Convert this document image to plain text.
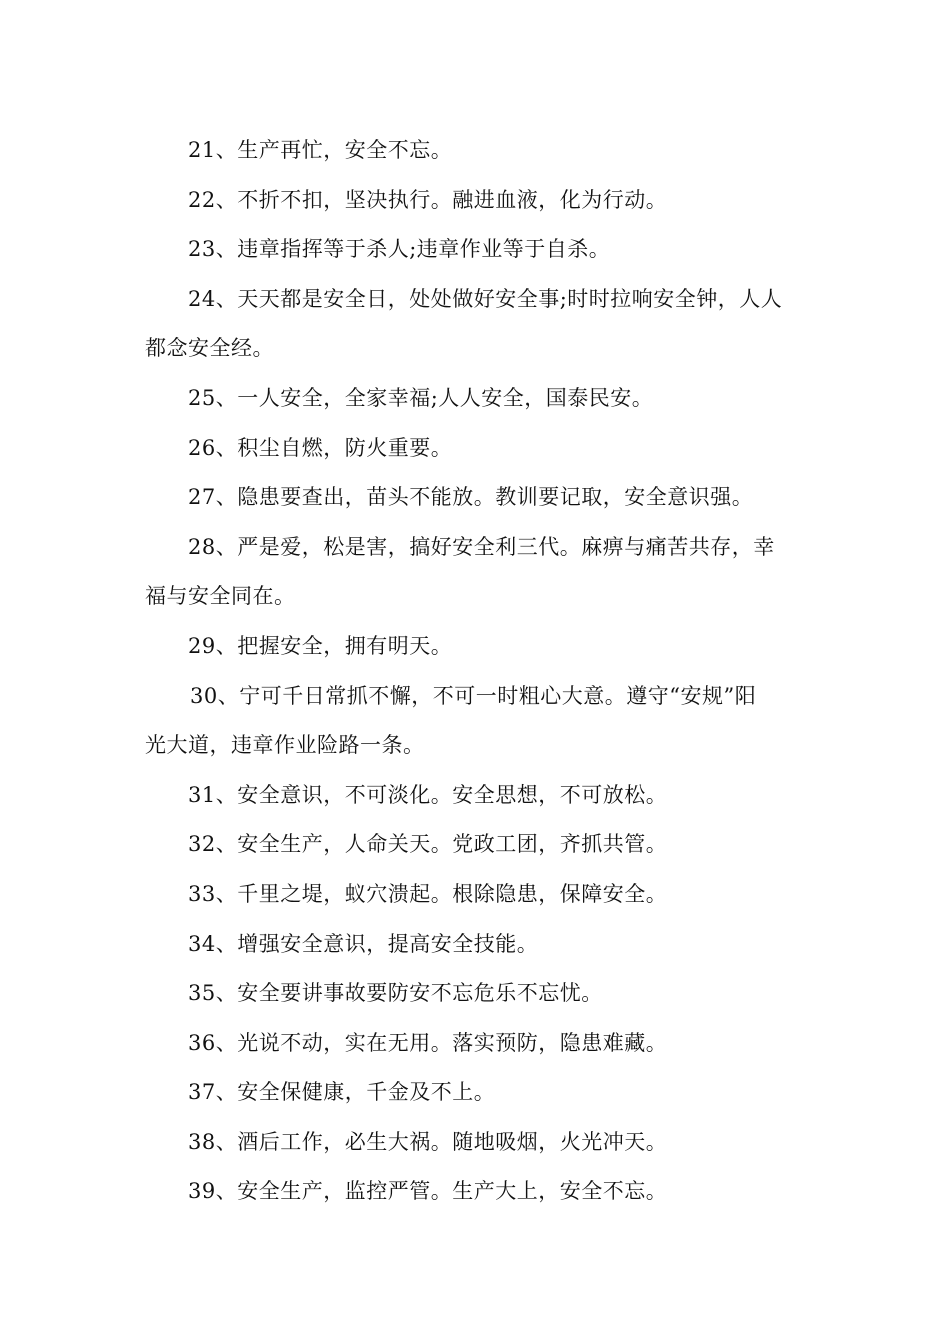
21、生产再忙，安全不忘。
22、不折不扣，坚决执行。融进血液，化为行动。
23、违章指挥等于杀人;违章作业等于自杀。
24、天天都是安全日，处处做好安全事;时时拉响安全钟，人人
都念安全经。
25、一人安全，全家幸福;人人安全，国泰民安。
26、积尘自燃，防火重要。
27、隐患要查出，苗头不能放。教训要记取，安全意识强。
28、严是爱，松是害，搞好安全利三代。麻痹与痛苦共存，幸
福与安全同在。
29、把握安全，拥有明天。
30、宁可千日常抓不懈，不可一时粗心大意。遵守“安规”阳
光大道，违章作业险路一条。
31、安全意识，不可淡化。安全思想，不可放松。
32、安全生产，人命关天。党政工团，齐抓共管。
33、千里之堤，蚁穴溃起。根除隐患，保障安全。
34、增强安全意识，提高安全技能。
35、安全要讲事故要防安不忘危乐不忘忧。
36、光说不动，实在无用。落实预防，隐患难藏。
37、安全保健康，千金及不上。
38、酒后工作，必生大祸。随地吸烟，火光冲天。
39、安全生产，监控严管。生产大上，安全不忘。
